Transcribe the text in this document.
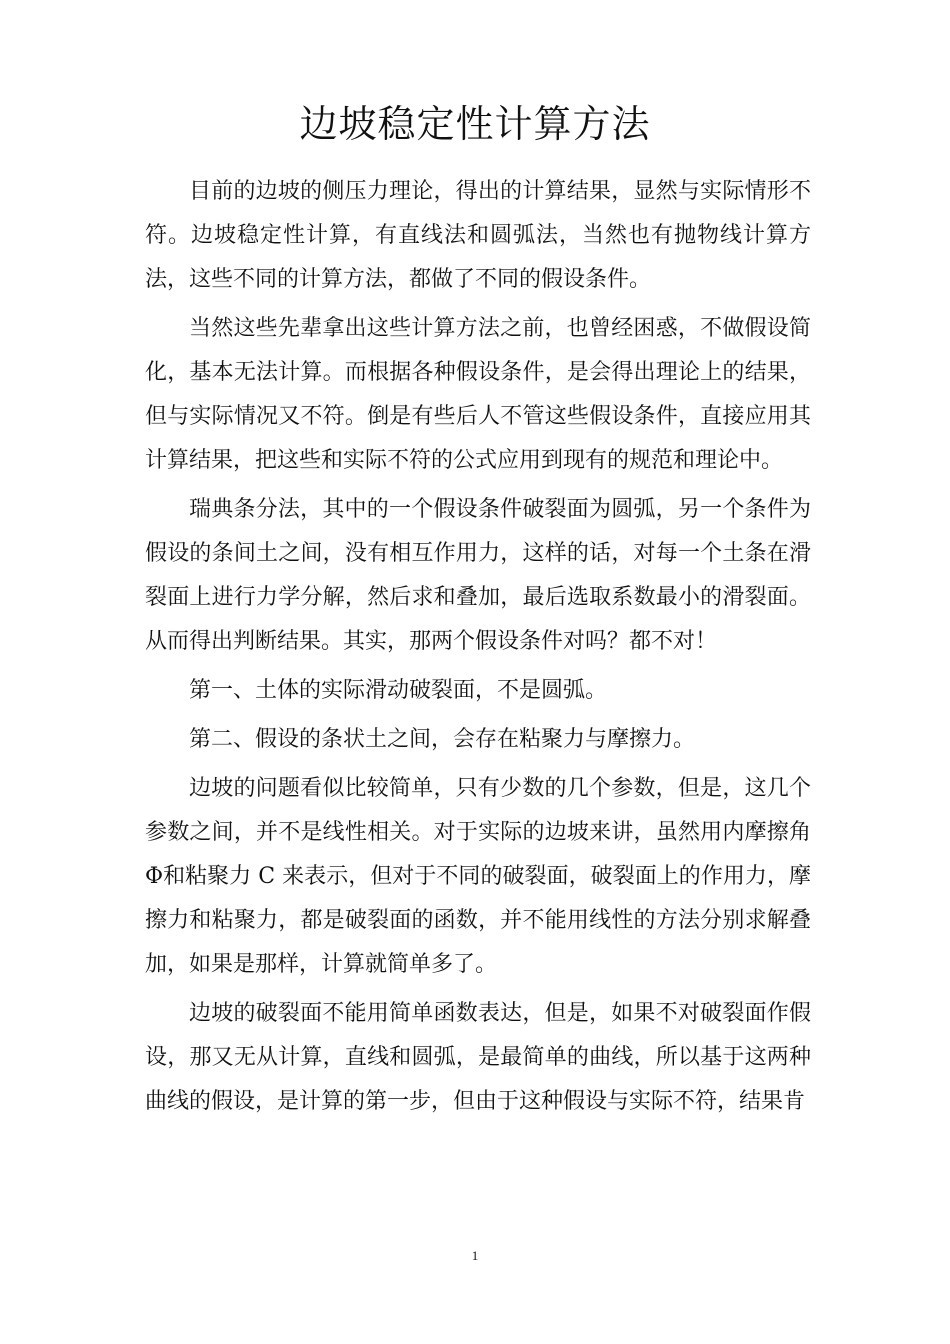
边坡稳定性计算方法

目前的边坡的侧压力理论，得出的计算结果，显然与实际情形不符。边坡稳定性计算，有直线法和圆弧法，当然也有抛物线计算方法，这些不同的计算方法，都做了不同的假设条件。

当然这些先辈拿出这些计算方法之前，也曾经困惑，不做假设简化，基本无法计算。而根据各种假设条件，是会得出理论上的结果，但与实际情况又不符。倒是有些后人不管这些假设条件，直接应用其计算结果，把这些和实际不符的公式应用到现有的规范和理论中。

瑞典条分法，其中的一个假设条件破裂面为圆弧，另一个条件为假设的条间土之间，没有相互作用力，这样的话，对每一个土条在滑裂面上进行力学分解，然后求和叠加，最后选取系数最小的滑裂面。从而得出判断结果。其实，那两个假设条件对吗？都不对！

第一、土体的实际滑动破裂面，不是圆弧。

第二、假设的条状土之间，会存在粘聚力与摩擦力。

边坡的问题看似比较简单，只有少数的几个参数，但是，这几个参数之间，并不是线性相关。对于实际的边坡来讲，虽然用内摩擦角Φ和粘聚力 C 来表示，但对于不同的破裂面，破裂面上的作用力，摩擦力和粘聚力，都是破裂面的函数，并不能用线性的方法分别求解叠加，如果是那样，计算就简单多了。

边坡的破裂面不能用简单函数表达，但是，如果不对破裂面作假设，那又无从计算，直线和圆弧，是最简单的曲线，所以基于这两种曲线的假设，是计算的第一步，但由于这种假设与实际不符，结果肯

1
